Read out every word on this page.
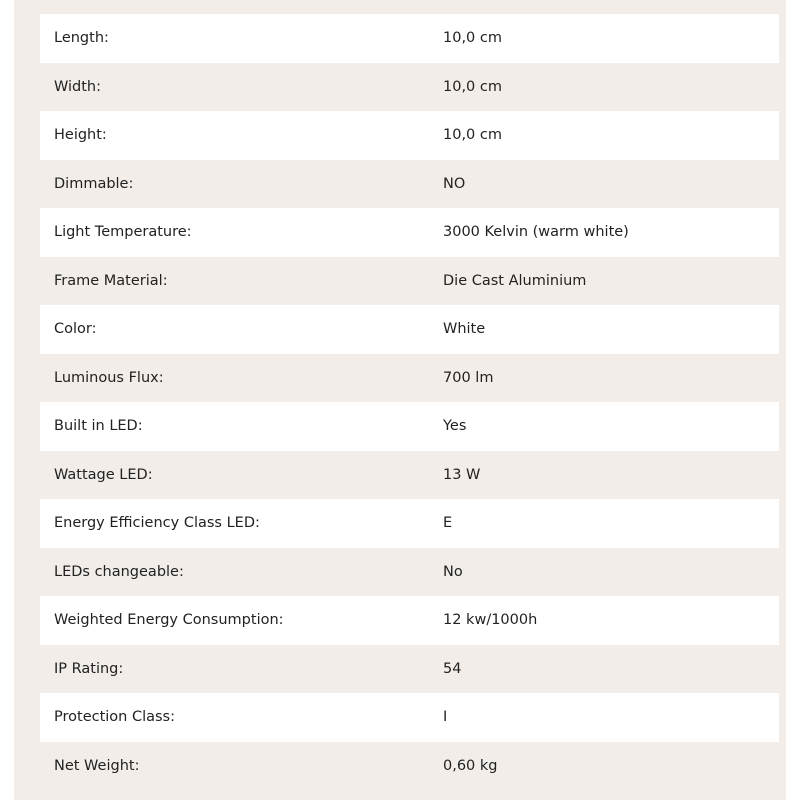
Length:	10,0 cm
Width:	10,0 cm
Height:	10,0 cm
Dimmable:	NO
Light Temperature:	3000 Kelvin (warm white)
Frame Material:	Die Cast Aluminium
Color:	White
Luminous Flux:	700 lm
Built in LED:	Yes
Wattage LED:	13 W
Energy Efficiency Class LED:	E
LEDs changeable:	No
Weighted Energy Consumption:	12 kw/1000h
IP Rating:	54
Protection Class:	I
Net Weight:	0,60 kg
